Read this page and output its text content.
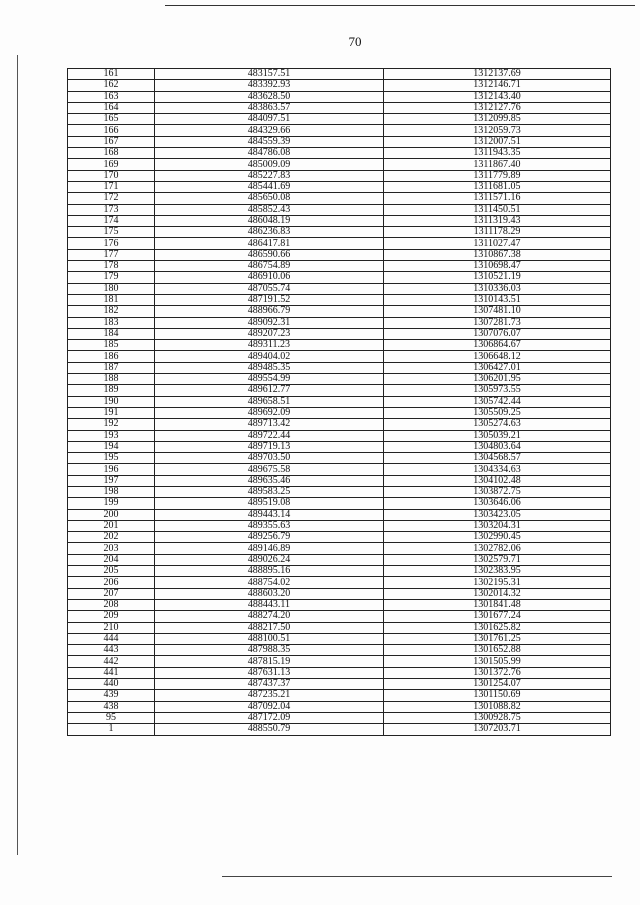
70
161	483157.51	1312137.69
162	483392.93	1312146.71
163	483628.50	1312143.40
164	483863.57	1312127.76
165	484097.51	1312099.85
166	484329.66	1312059.73
167	484559.39	1312007.51
168	484786.08	1311943.35
169	485009.09	1311867.40
170	485227.83	1311779.89
171	485441.69	1311681.05
172	485650.08	1311571.16
173	485852.43	1311450.51
174	486048.19	1311319.43
175	486236.83	1311178.29
176	486417.81	1311027.47
177	486590.66	1310867.38
178	486754.89	1310698.47
179	486910.06	1310521.19
180	487055.74	1310336.03
181	487191.52	1310143.51
182	488966.79	1307481.10
183	489092.31	1307281.73
184	489207.23	1307076.07
185	489311.23	1306864.67
186	489404.02	1306648.12
187	489485.35	1306427.01
188	489554.99	1306201.95
189	489612.77	1305973.55
190	489658.51	1305742.44
191	489692.09	1305509.25
192	489713.42	1305274.63
193	489722.44	1305039.21
194	489719.13	1304803.64
195	489703.50	1304568.57
196	489675.58	1304334.63
197	489635.46	1304102.48
198	489583.25	1303872.75
199	489519.08	1303646.06
200	489443.14	1303423.05
201	489355.63	1303204.31
202	489256.79	1302990.45
203	489146.89	1302782.06
204	489026.24	1302579.71
205	488895.16	1302383.95
206	488754.02	1302195.31
207	488603.20	1302014.32
208	488443.11	1301841.48
209	488274.20	1301677.24
210	488217.50	1301625.82
444	488100.51	1301761.25
443	487988.35	1301652.88
442	487815.19	1301505.99
441	487631.13	1301372.76
440	487437.37	1301254.07
439	487235.21	1301150.69
438	487092.04	1301088.82
95	487172.09	1300928.75
1	488550.79	1307203.71
